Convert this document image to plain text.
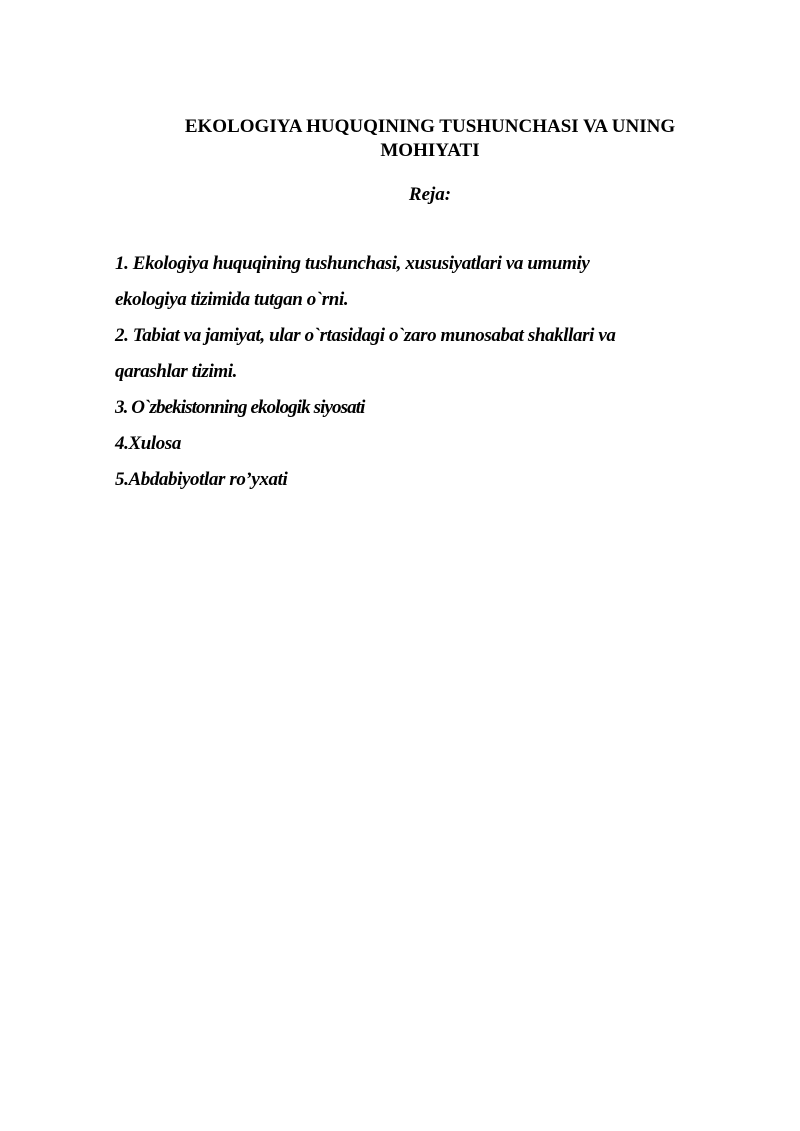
EKOLOGIYA HUQUQINING TUSHUNCHASI VA UNING
MOHIYATI
Reja:
1. Ekologiya huquqining tushunchasi, xususiyatlari va umumiy
ekologiya tizimida tutgan o`rni.
2. Tabiat va jamiyat, ular o`rtasidagi o`zaro munosabat shakllari va
qarashlar tizimi.
3. O`zbekistonning ekologik siyosati
4.Xulosa
5.Abdabiyotlar ro’yxati
